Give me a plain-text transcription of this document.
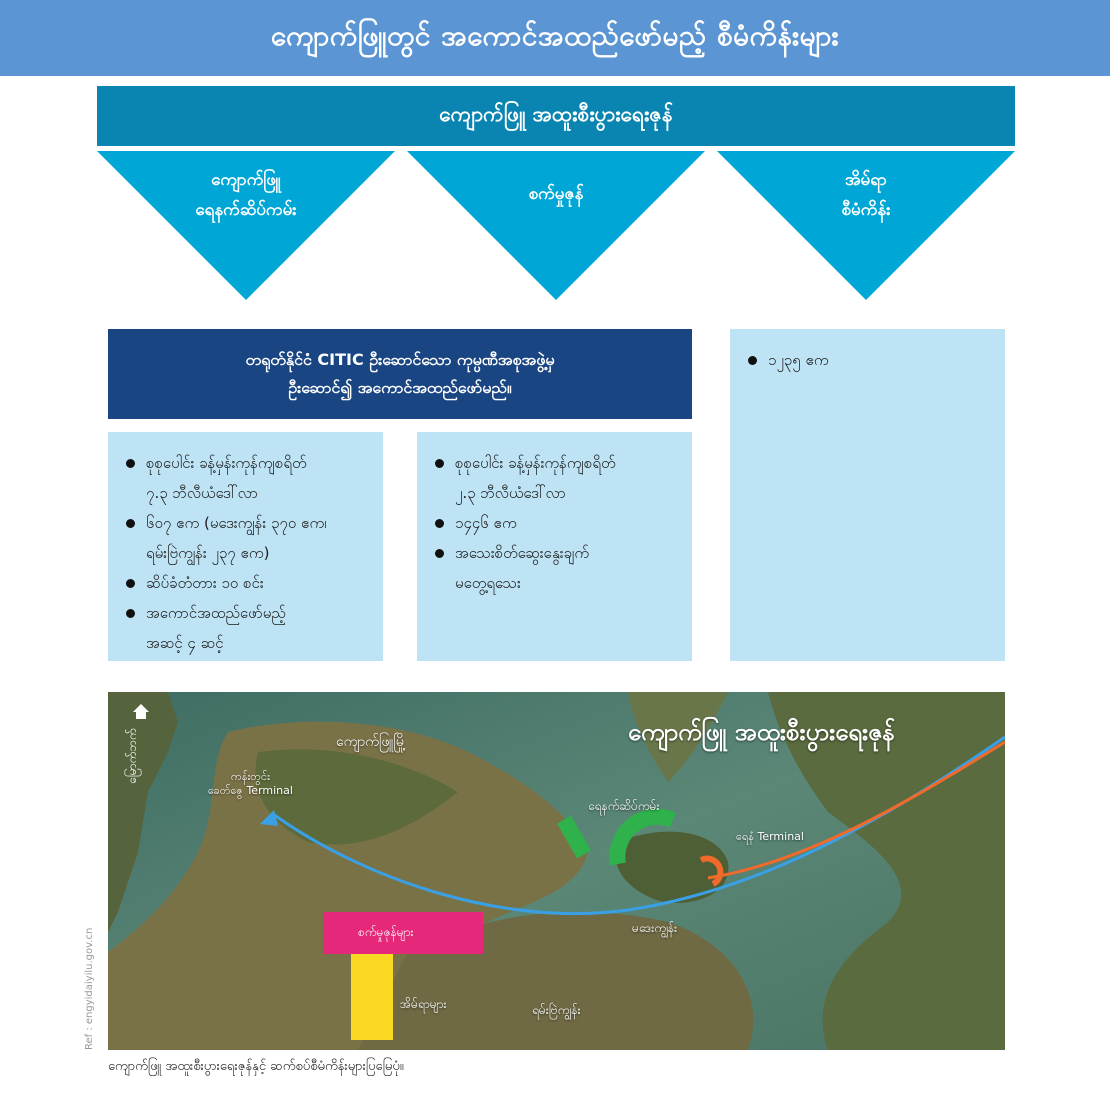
ကျောက်ဖြူတွင် အကောင်အထည်ဖော်မည့် စီမံကိန်းများ
ကျောက်ဖြူ အထူးစီးပွားရေးဇုန်
ကျောက်ဖြူ
ရေနက်ဆိပ်ကမ်း
စက်မှုဇုန်
အိမ်ရာ
စီမံကိန်း
တရုတ်နိုင်ငံ CITIC ဦးဆောင်သော ကုမ္ပဏီအစုအဖွဲ့မှ
ဦးဆောင်၍ အကောင်အထည်ဖော်မည်။
စုစုပေါင်း ခန့်မှန်းကုန်ကျစရိတ်
၇.၃ ဘီလီယံဒေါ်လာ
၆၀၇ ဧက (မဒေးကျွန်း ၃၇၀ ဧက၊
ရမ်းဗြဲကျွန်း ၂၃၇ ဧက)
ဆိပ်ခံတံတား ၁၀ စင်း
အကောင်အထည်ဖော်မည့်
အဆင့် ၄ ဆင့်
စုစုပေါင်း ခန့်မှန်းကုန်ကျစရိတ်
၂.၃ ဘီလီယံဒေါ်လာ
၁၄၄၆ ဧက
အသေးစိတ်ဆွေးနွေးချက်
မတွေ့ရသေး
၁၂၃၅ ဧက
ကျောက်ဖြူ အထူးစီးပွားရေးဇုန်
မြောက်ဘက်	ကျောက်ဖြူမြို့
ကန်းတွင်း
ခေတ်ဇွေ Terminal
ရေနက်ဆိပ်ကမ်း
ရေနံ Terminal
မဒေးကျွန်း
စက်မှုဇုန်များ
အိမ်ရာများ	ရမ်းဗြဲကျွန်း
Ref : engyidaiyilu.gov.cn
ကျောက်ဖြူ အထူးစီးပွားရေးဇုန်နှင့် ဆက်စပ်စီမံကိန်းများပြမြေပုံ။
